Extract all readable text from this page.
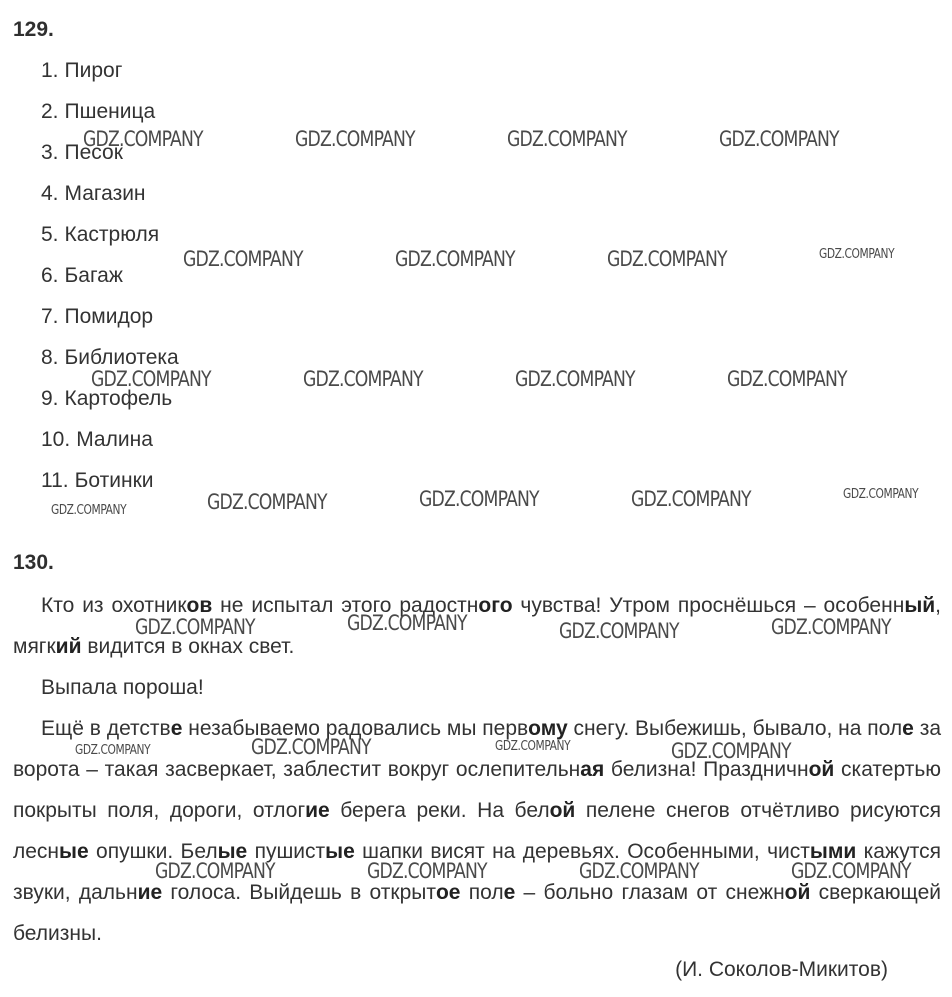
129.
1. Пирог
2. Пшеница
3. Песок
4. Магазин
5. Кастрюля
6. Багаж
7. Помидор
8. Библиотека
9. Картофель
10. Малина
11. Ботинки
130.

Кто из охотников не испытал этого радостного чувства! Утром проснёшься – особенный, мягкий видится в окнах свет.

Выпала пороша!

Ещё в детстве незабываемо радовались мы первому снегу. Выбежишь, бывало, на поле за ворота – такая засверкает, заблестит вокруг ослепительная белизна! Праздничной скатертью покрыты поля, дороги, отлогие берега реки. На белой пелене снегов отчётливо рисуются лесные опушки. Белые пушистые шапки висят на деревьях. Особенными, чистыми кажутся звуки, дальние голоса. Выйдешь в открытое поле – больно глазам от снежной сверкающей белизны.

(И. Соколов-Микитов)
GDZ.COMPANY	GDZ.COMPANY	GDZ.COMPANY	GDZ.COMPANY
GDZ.COMPANY	GDZ.COMPANY	GDZ.COMPANY	GDZ.COMPANY
GDZ.COMPANY	GDZ.COMPANY	GDZ.COMPANY	GDZ.COMPANY
GDZ.COMPANY	GDZ.COMPANY	GDZ.COMPANY	GDZ.COMPANY
GDZ.COMPANY
GDZ.COMPANY	GDZ.COMPANY	GDZ.COMPANY	GDZ.COMPANY
GDZ.COMPANY	GDZ.COMPANY	GDZ.COMPANY	GDZ.COMPANY
GDZ.COMPANY	GDZ.COMPANY	GDZ.COMPANY	GDZ.COMPANY
